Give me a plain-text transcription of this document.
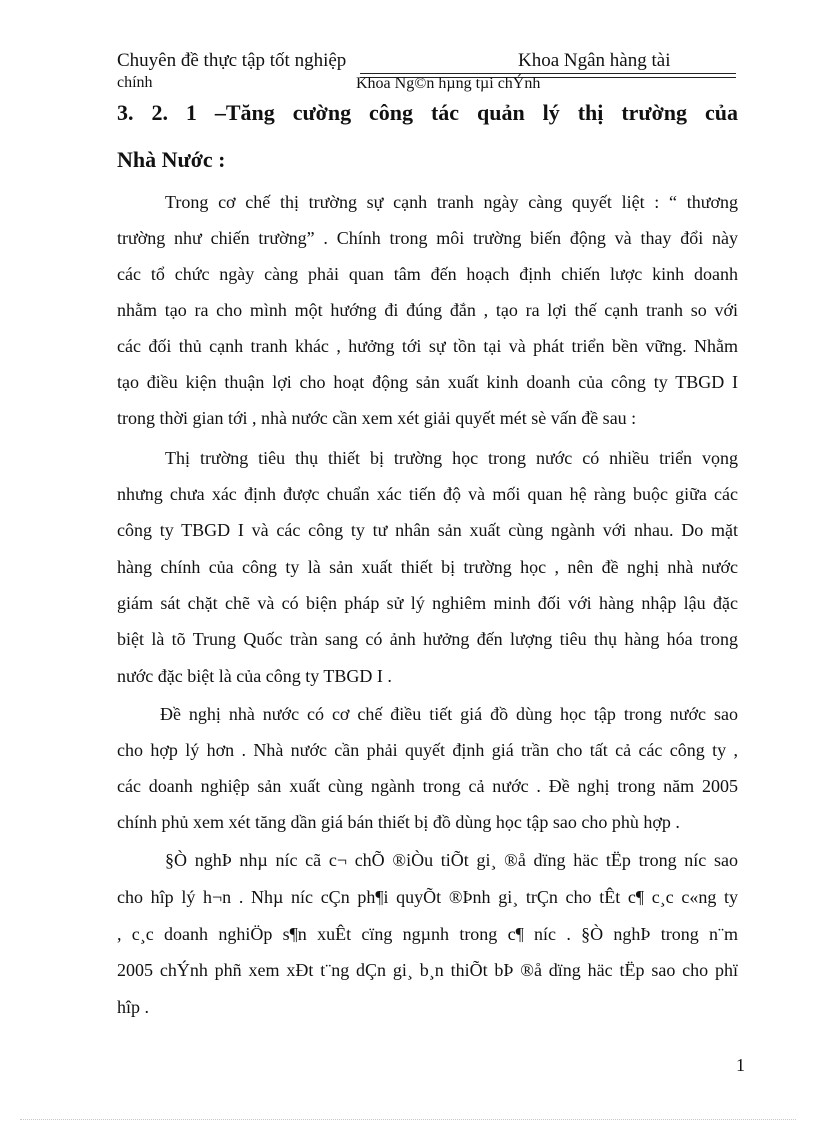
Chuyên đề thực tập tốt nghiệp	Khoa Ngân hàng tài
chính	Khoa Ng©n hµng tµi chÝnh
3. 2. 1 –Tăng cường công tác quản lý thị trường của
Nhà Nước :
Trong cơ chế thị trường sự cạnh tranh ngày càng quyết liệt : “ thương
trường như chiến trường” . Chính trong môi trường biến động và thay đổi này
các tổ chức ngày càng phải quan tâm đến hoạch định chiến lược kinh doanh
nhằm tạo ra cho mình một hướng đi đúng đắn , tạo ra lợi thế cạnh tranh so với
các đối thủ cạnh tranh khác , hưởng tới sự tồn tại và phát triển bền vững. Nhằm
tạo điều kiện thuận lợi cho hoạt động sản xuất kinh doanh của công ty TBGD I
trong thời gian tới , nhà nước cần xem xét giải quyết mét sè vấn đề sau :
Thị trường tiêu thụ thiết bị trường học trong nước có nhiều triển vọng
nhưng chưa xác định được chuẩn xác tiến độ và mối quan hệ ràng buộc giữa các
công ty TBGD I và các công ty tư nhân sản xuất cùng ngành với nhau. Do mặt
hàng chính của công ty là sản xuất thiết bị trường học , nên đề nghị nhà nước
giám sát chặt chẽ và có biện pháp sử lý nghiêm minh đối với hàng nhập lậu đặc
biệt là tõ Trung Quốc tràn sang có ảnh hưởng đến lượng tiêu thụ hàng hóa trong
nước đặc biệt là của công ty TBGD I .
Đề nghị nhà nước có cơ chế điều tiết giá đồ dùng học tập trong nước sao
cho hợp lý hơn . Nhà nước cần phải quyết định giá trần cho tất cả các công ty ,
các doanh nghiệp sản xuất cùng ngành trong cả nước . Đề nghị trong năm 2005
chính phủ xem xét tăng dần giá bán thiết bị đồ dùng học tập sao cho phù hợp .
§Ò nghÞ nhµ níc cã c¬ chÕ ®iÒu tiÕt gi¸ ®å dïng häc tËp trong níc sao
cho hîp lý h¬n . Nhµ níc cÇn ph¶i quyÕt ®Þnh gi¸ trÇn cho tÊt c¶ c¸c c«ng ty
, c¸c doanh nghiÖp s¶n xuÊt cïng ngµnh trong c¶ níc . §Ò nghÞ trong n¨m
2005 chÝnh phñ xem xÐt t¨ng dÇn gi¸ b¸n thiÕt bÞ ®å dïng häc tËp sao cho phï
hîp .
1
